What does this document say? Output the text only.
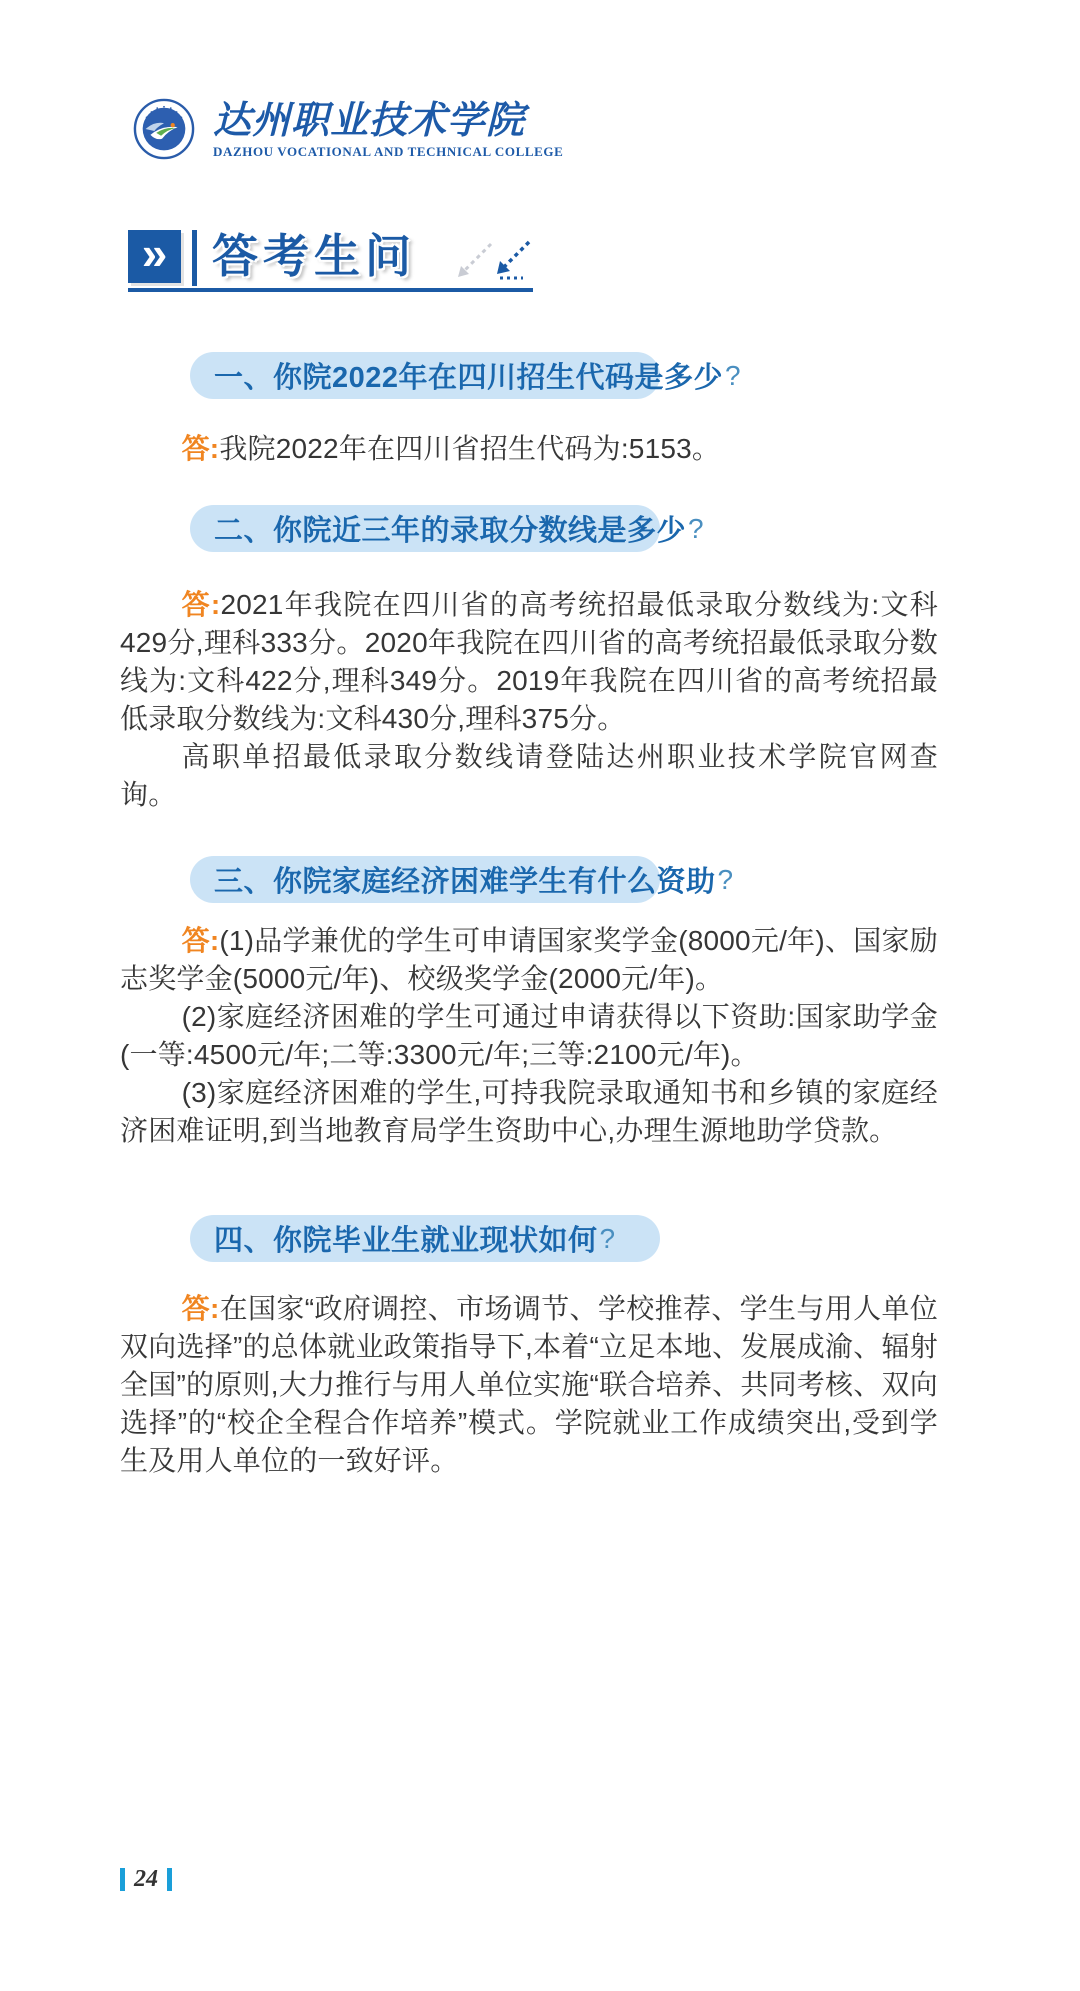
达州职业技术学院
DAZHOU VOCATIONAL AND TECHNICAL COLLEGE
» 答考生问
一、你院2022年在四川招生代码是多少 ?

答:我院2022年在四川省招生代码为:5153。

二、你院近三年的录取分数线是多少 ?

答:2021年我院在四川省的高考统招最低录取分数线为:文科429分,理科333分。2020年我院在四川省的高考统招最低录取分数线为:文科422分,理科349分。2019年我院在四川省的高考统招最低录取分数线为:文科430分,理科375分。

高职单招最低录取分数线请登陆达州职业技术学院官网查询。

三、你院家庭经济困难学生有什么资助 ?

答:(1)品学兼优的学生可申请国家奖学金(8000元/年)、国家励志奖学金(5000元/年)、校级奖学金(2000元/年)。

(2)家庭经济困难的学生可通过申请获得以下资助:国家助学金(一等:4500元/年;二等:3300元/年;三等:2100元/年)。

(3)家庭经济困难的学生,可持我院录取通知书和乡镇的家庭经济困难证明,到当地教育局学生资助中心,办理生源地助学贷款。

四、你院毕业生就业现状如何 ?

答:在国家“政府调控、市场调节、学校推荐、学生与用人单位双向选择”的总体就业政策指导下,本着“立足本地、发展成渝、辐射全国”的原则,大力推行与用人单位实施“联合培养、共同考核、双向选择”的“校企全程合作培养”模式。学院就业工作成绩突出,受到学生及用人单位的一致好评。

24
